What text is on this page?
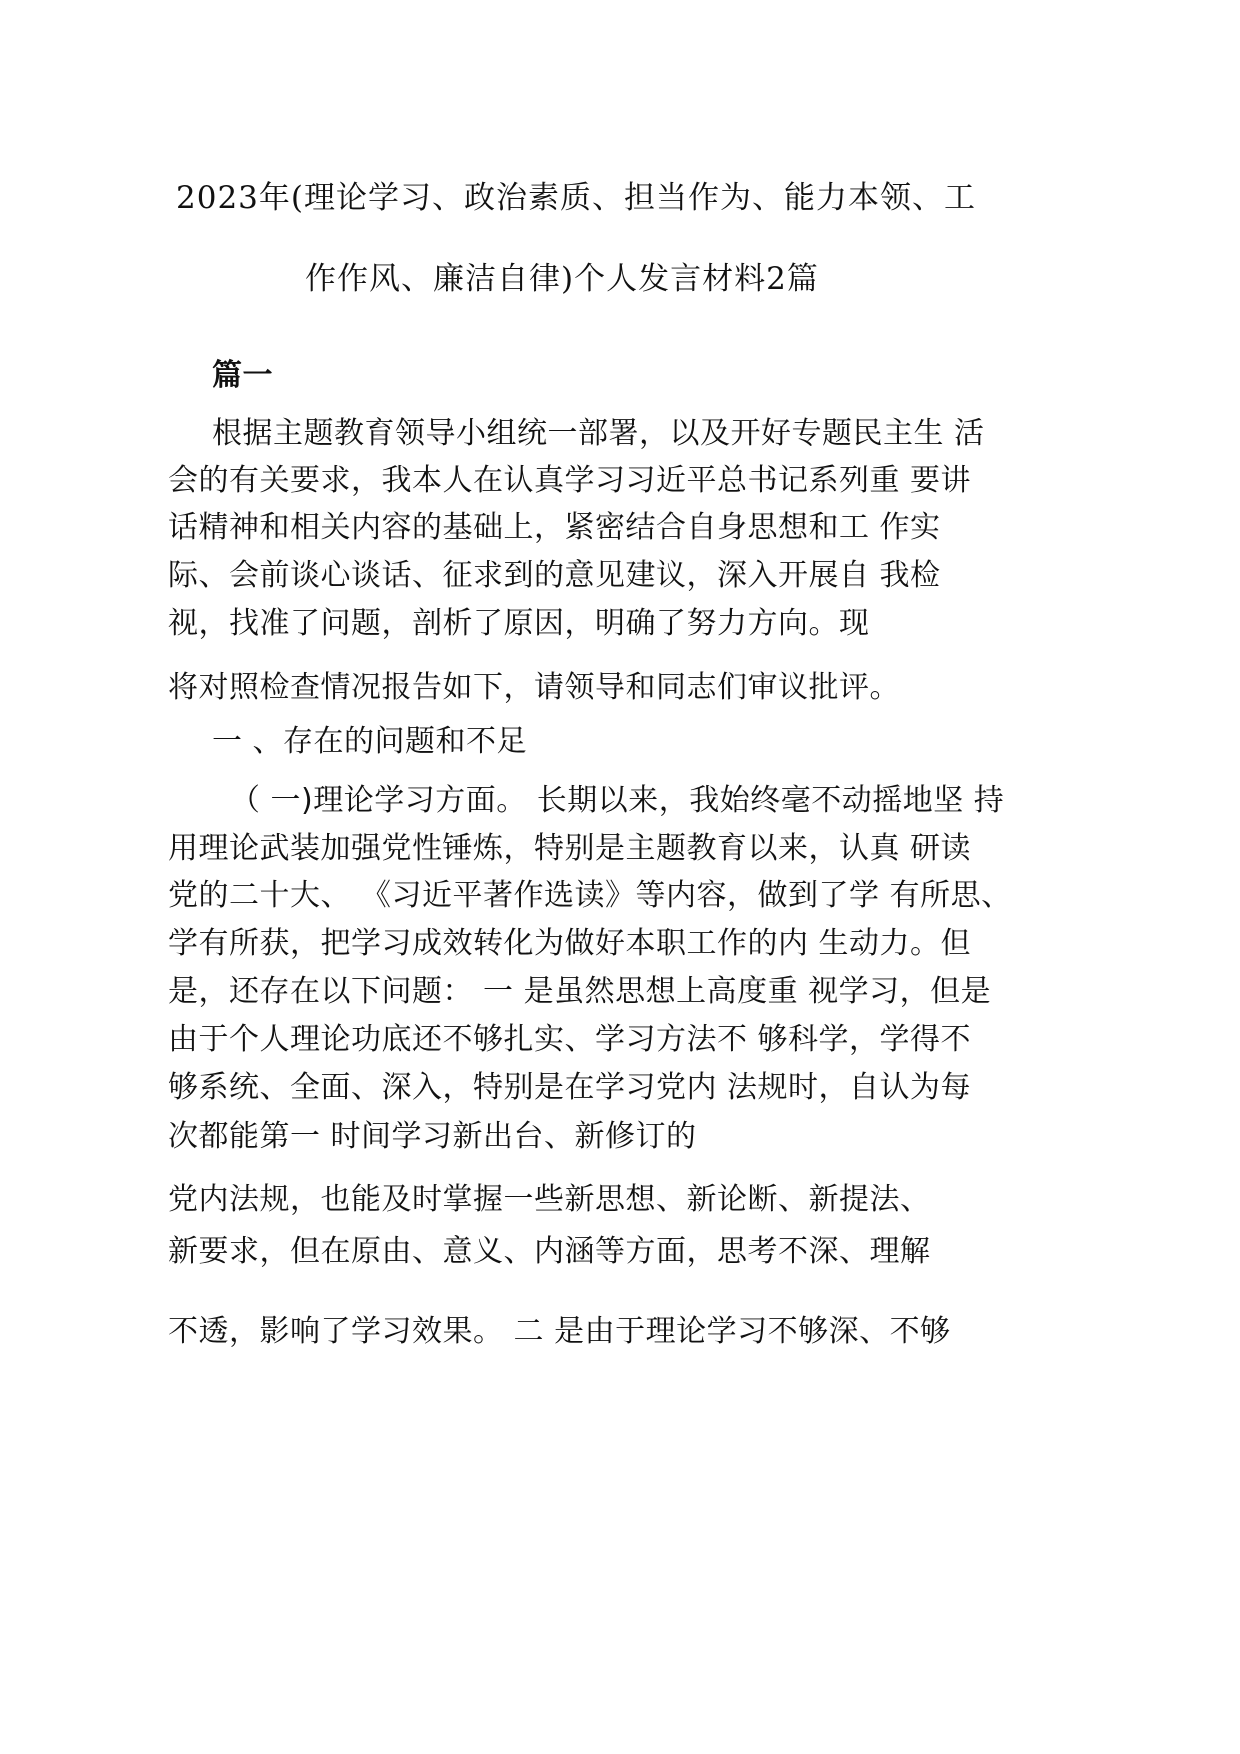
2023年(理论学习、政治素质、担当作为、能力本领、工
作作风、廉洁自律)个人发言材料2篇
篇一
根据主题教育领导小组统一部署，以及开好专题民主生 活
会的有关要求，我本人在认真学习习近平总书记系列重 要讲
话精神和相关内容的基础上，紧密结合自身思想和工 作实
际、会前谈心谈话、征求到的意见建议，深入开展自 我检
视，找准了问题，剖析了原因，明确了努力方向。现
将对照检查情况报告如下，请领导和同志们审议批评。
一 、存在的问题和不足
（ 一)理论学习方面。 长期以来，我始终毫不动摇地坚 持
用理论武装加强党性锤炼，特别是主题教育以来，认真 研读
党的二十大、 《习近平著作选读》等内容，做到了学 有所思、
学有所获，把学习成效转化为做好本职工作的内 生动力。但
是，还存在以下问题： 一 是虽然思想上高度重 视学习，但是
由于个人理论功底还不够扎实、学习方法不 够科学，学得不
够系统、全面、深入，特别是在学习党内 法规时，自认为每
次都能第一 时间学习新出台、新修订的
党内法规，也能及时掌握一些新思想、新论断、新提法、
新要求，但在原由、意义、内涵等方面，思考不深、理解
不透，影响了学习效果。 二 是由于理论学习不够深、不够
